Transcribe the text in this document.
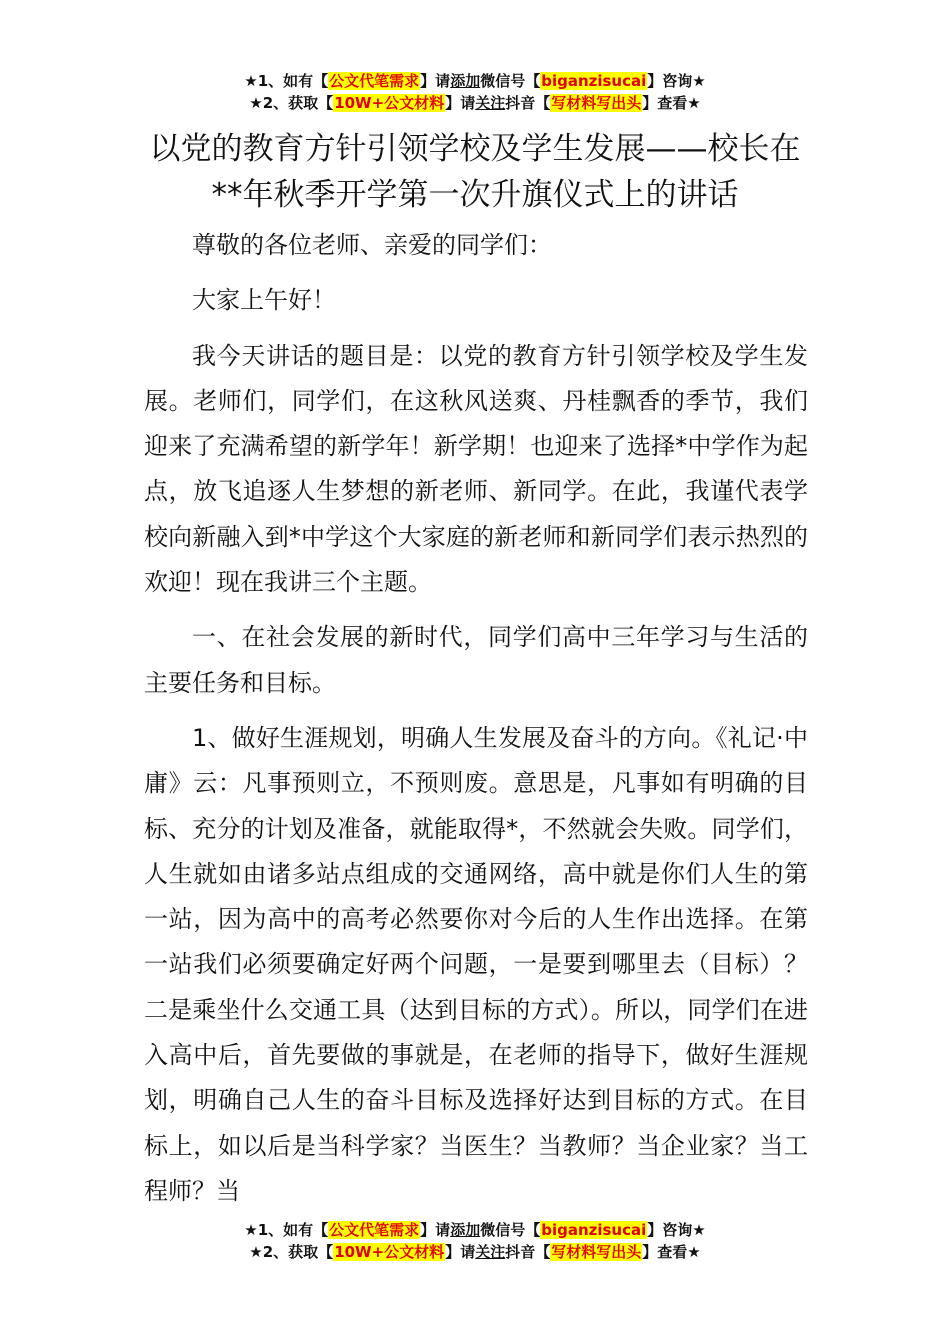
★1、如有【公文代笔需求】请添加微信号【biganzisucai】咨询★
★2、获取【10W+公文材料】请关注抖音【写材料写出头】查看★
以党的教育方针引领学校及学生发展——校长在**年秋季开学第一次升旗仪式上的讲话

尊敬的各位老师、亲爱的同学们：

大家上午好！

我今天讲话的题目是：以党的教育方针引领学校及学生发展。老师们，同学们，在这秋风送爽、丹桂飘香的季节，我们迎来了充满希望的新学年！新学期！也迎来了选择*中学作为起点，放飞追逐人生梦想的新老师、新同学。在此，我谨代表学校向新融入到*中学这个大家庭的新老师和新同学们表示热烈的欢迎！现在我讲三个主题。

一、在社会发展的新时代，同学们高中三年学习与生活的主要任务和目标。

1、做好生涯规划，明确人生发展及奋斗的方向。《礼记·中庸》云：凡事预则立，不预则废。意思是，凡事如有明确的目标、充分的计划及准备，就能取得*，不然就会失败。同学们，人生就如由诸多站点组成的交通网络，高中就是你们人生的第一站，因为高中的高考必然要你对今后的人生作出选择。在第一站我们必须要确定好两个问题，一是要到哪里去（目标）？二是乘坐什么交通工具（达到目标的方式）。所以，同学们在进入高中后，首先要做的事就是，在老师的指导下，做好生涯规划，明确自己人生的奋斗目标及选择好达到目标的方式。在目标上，如以后是当科学家？当医生？当教师？当企业家？当工程师？当

★1、如有【公文代笔需求】请添加微信号【biganzisucai】咨询★
★2、获取【10W+公文材料】请关注抖音【写材料写出头】查看★
